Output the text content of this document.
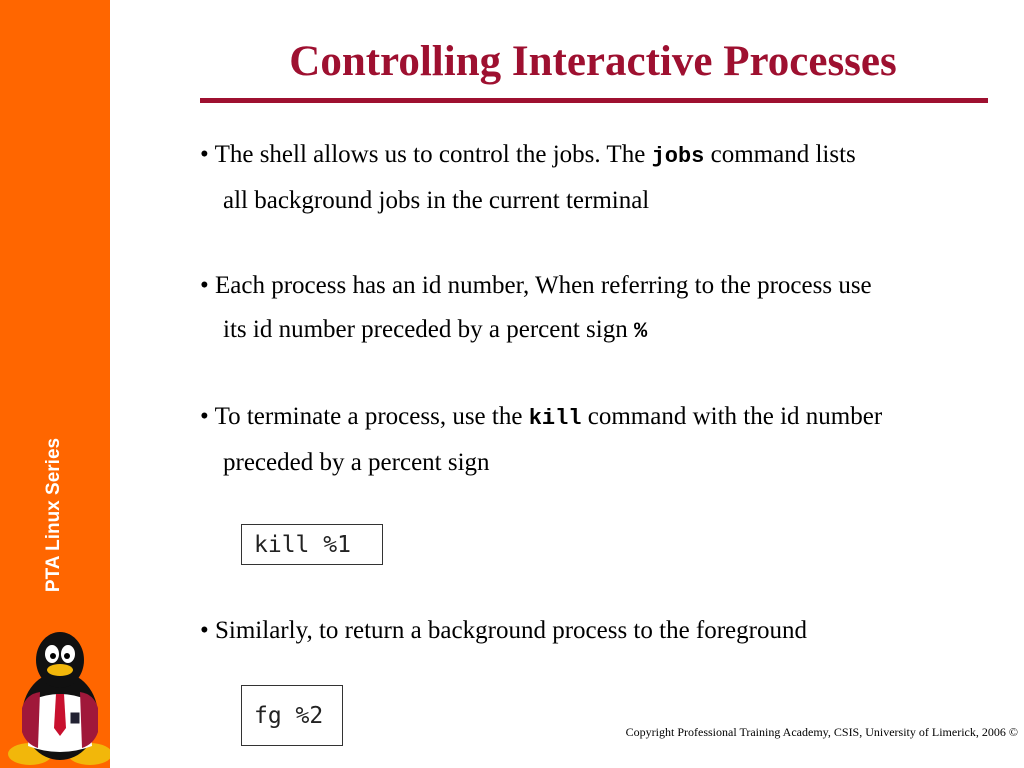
PTA Linux Series
Controlling Interactive Processes

• The shell allows us to control the jobs. The jobs command lists
all background jobs in the current terminal

• Each process has an id number, When referring to the process use
its id number preceded by a percent sign %

• To terminate a process, use the kill command with the id number
preceded by a percent sign

kill %1

• Similarly, to return a background process to the foreground

fg %2
Copyright Professional Training Academy, CSIS, University of Limerick, 2006 ©
